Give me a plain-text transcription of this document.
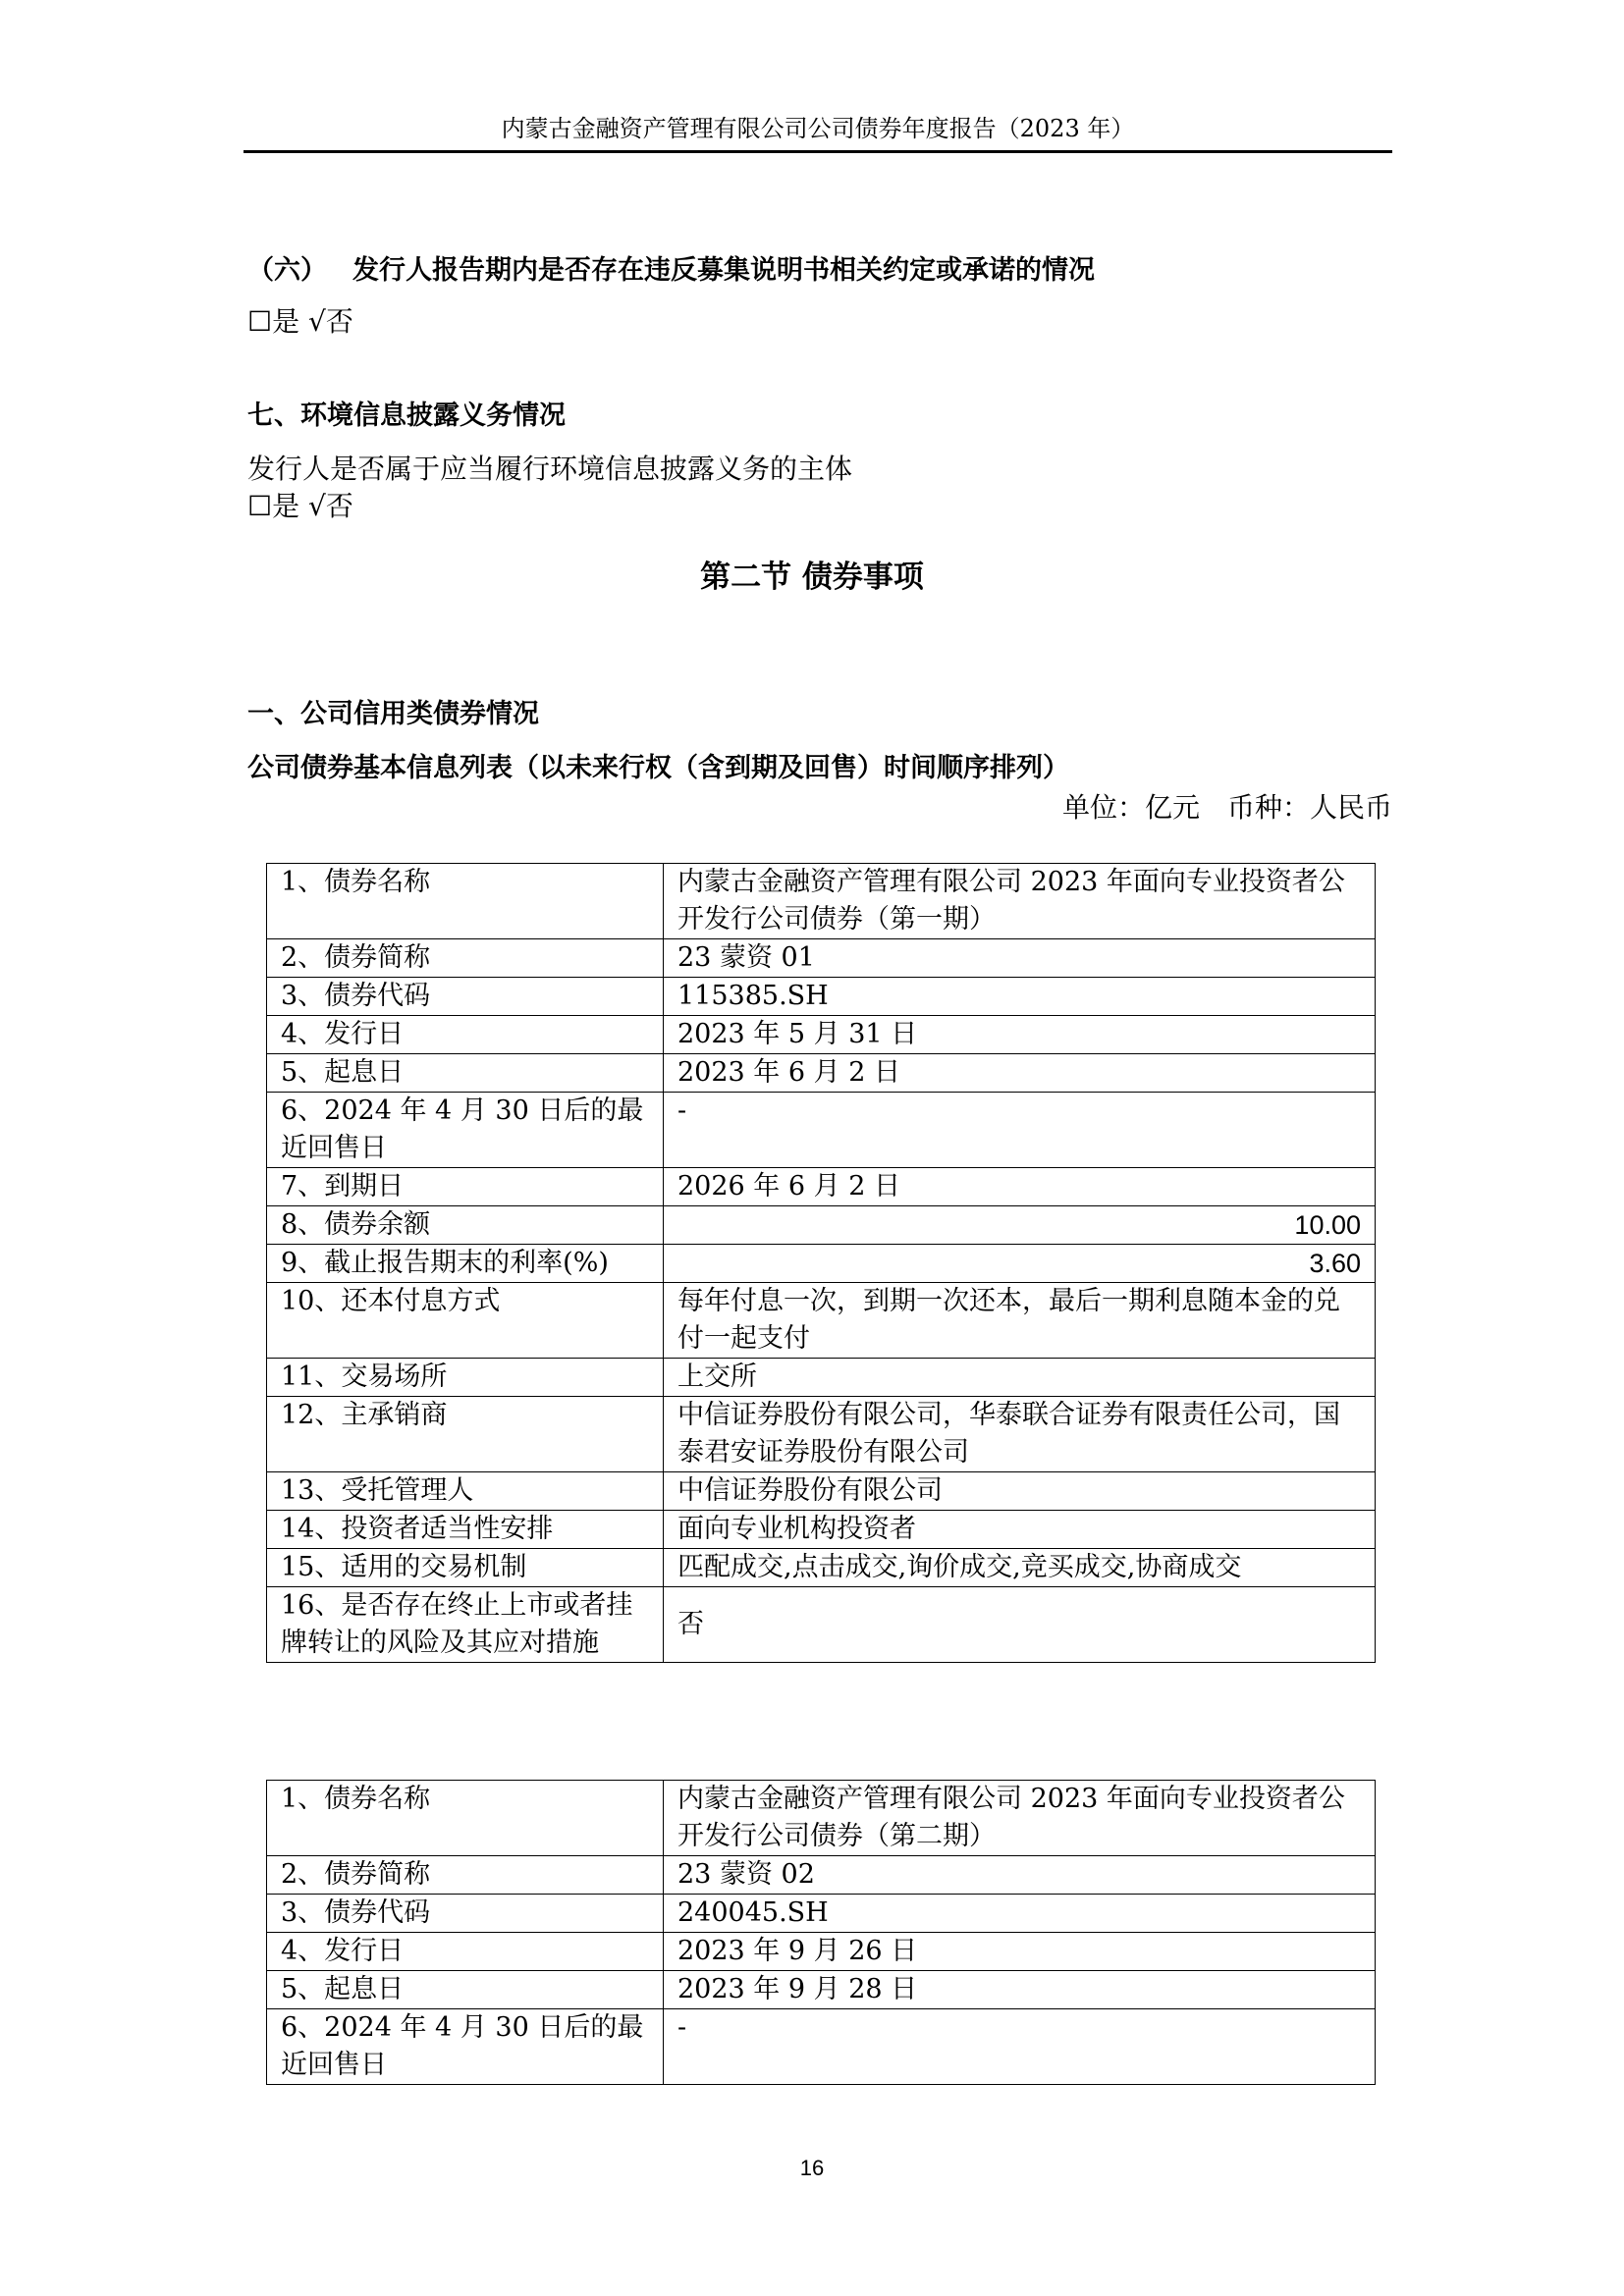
内蒙古金融资产管理有限公司公司债券年度报告（2023 年）
（六） 发行人报告期内是否存在违反募集说明书相关约定或承诺的情况
☐是 √否
七、环境信息披露义务情况
发行人是否属于应当履行环境信息披露义务的主体
☐是 √否
第二节 债券事项
一、公司信用类债券情况
公司债券基本信息列表（以未来行权（含到期及回售）时间顺序排列）
单位：亿元　币种：人民币
1、债券名称	内蒙古金融资产管理有限公司 2023 年面向专业投资者公开发行公司债券（第一期）
2、债券简称	23 蒙资 01
3、债券代码	115385.SH
4、发行日	2023 年 5 月 31 日
5、起息日	2023 年 6 月 2 日
6、2024 年 4 月 30 日后的最近回售日	-
7、到期日	2026 年 6 月 2 日
8、债券余额	10.00
9、截止报告期末的利率(%)	3.60
10、还本付息方式	每年付息一次，到期一次还本，最后一期利息随本金的兑付一起支付
11、交易场所	上交所
12、主承销商	中信证券股份有限公司，华泰联合证券有限责任公司，国泰君安证券股份有限公司
13、受托管理人	中信证券股份有限公司
14、投资者适当性安排	面向专业机构投资者
15、适用的交易机制	匹配成交,点击成交,询价成交,竞买成交,协商成交
16、是否存在终止上市或者挂牌转让的风险及其应对措施	否
1、债券名称	内蒙古金融资产管理有限公司 2023 年面向专业投资者公开发行公司债券（第二期）
2、债券简称	23 蒙资 02
3、债券代码	240045.SH
4、发行日	2023 年 9 月 26 日
5、起息日	2023 年 9 月 28 日
6、2024 年 4 月 30 日后的最近回售日	-
16
